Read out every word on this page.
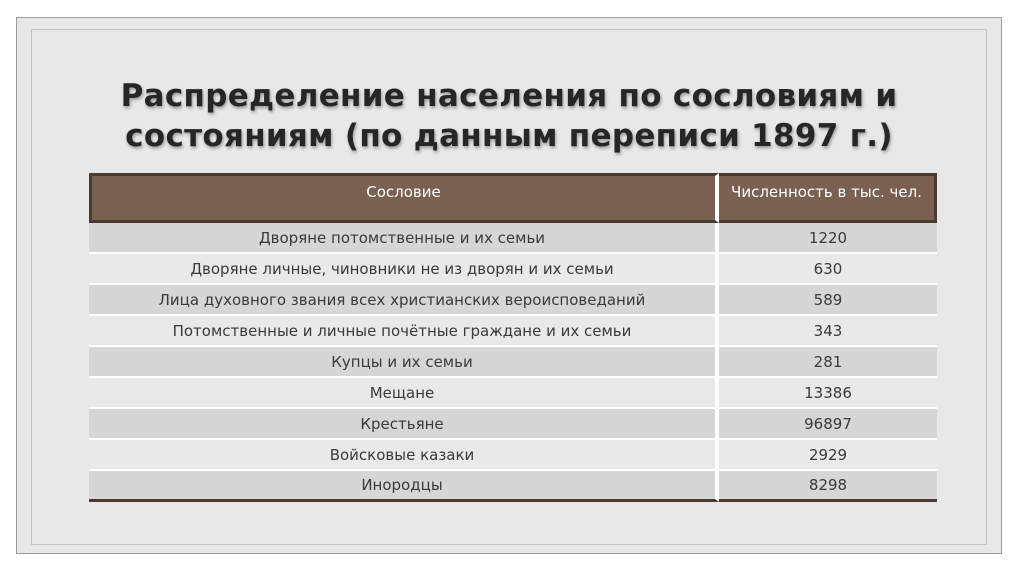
Распределение населения по сословиям и
состояниям (по данным переписи 1897 г.)
Сословие	Численность в тыс. чел.
Дворяне потомственные и их семьи	1220
Дворяне личные, чиновники не из дворян и их семьи	630
Лица духовного звания всех христианских вероисповеданий	589
Потомственные и личные почётные граждане и их семьи	343
Купцы и их семьи	281
Мещане	13386
Крестьяне	96897
Войсковые казаки	2929
Инородцы	8298
